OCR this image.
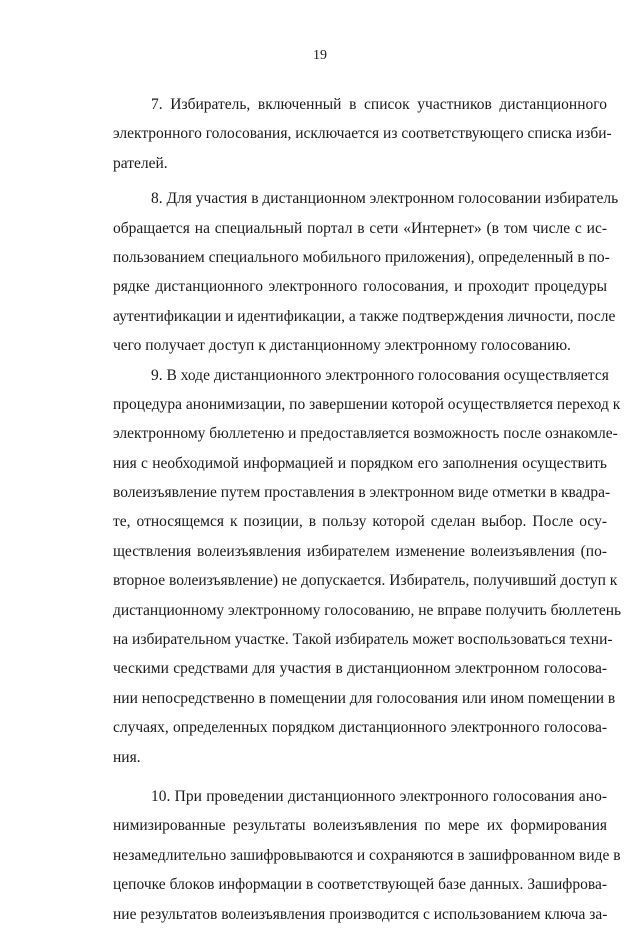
19
7. Избиратель, включенный в список участников дистанционного
электронного голосования, исключается из соответствующего списка изби-
рателей.
8. Для участия в дистанционном электронном голосовании избиратель
обращается на специальный портал в сети «Интернет» (в том числе с ис-
пользованием специального мобильного приложения), определенный в по-
рядке дистанционного электронного голосования, и проходит процедуры
аутентификации и идентификации, а также подтверждения личности, после
чего получает доступ к дистанционному электронному голосованию.
9. В ходе дистанционного электронного голосования осуществляется
процедура анонимизации, по завершении которой осуществляется переход к
электронному бюллетеню и предоставляется возможность после ознакомле-
ния с необходимой информацией и порядком его заполнения осуществить
волеизъявление путем проставления в электронном виде отметки в квадра-
те, относящемся к позиции, в пользу которой сделан выбор. После осу-
ществления волеизъявления избирателем изменение волеизъявления (по-
вторное волеизъявление) не допускается. Избиратель, получивший доступ к
дистанционному электронному голосованию, не вправе получить бюллетень
на избирательном участке. Такой избиратель может воспользоваться техни-
ческими средствами для участия в дистанционном электронном голосова-
нии непосредственно в помещении для голосования или ином помещении в
случаях, определенных порядком дистанционного электронного голосова-
ния.
10. При проведении дистанционного электронного голосования ано-
нимизированные результаты волеизъявления по мере их формирования
незамедлительно зашифровываются и сохраняются в зашифрованном виде в
цепочке блоков информации в соответствующей базе данных. Зашифрова-
ние результатов волеизъявления производится с использованием ключа за-
